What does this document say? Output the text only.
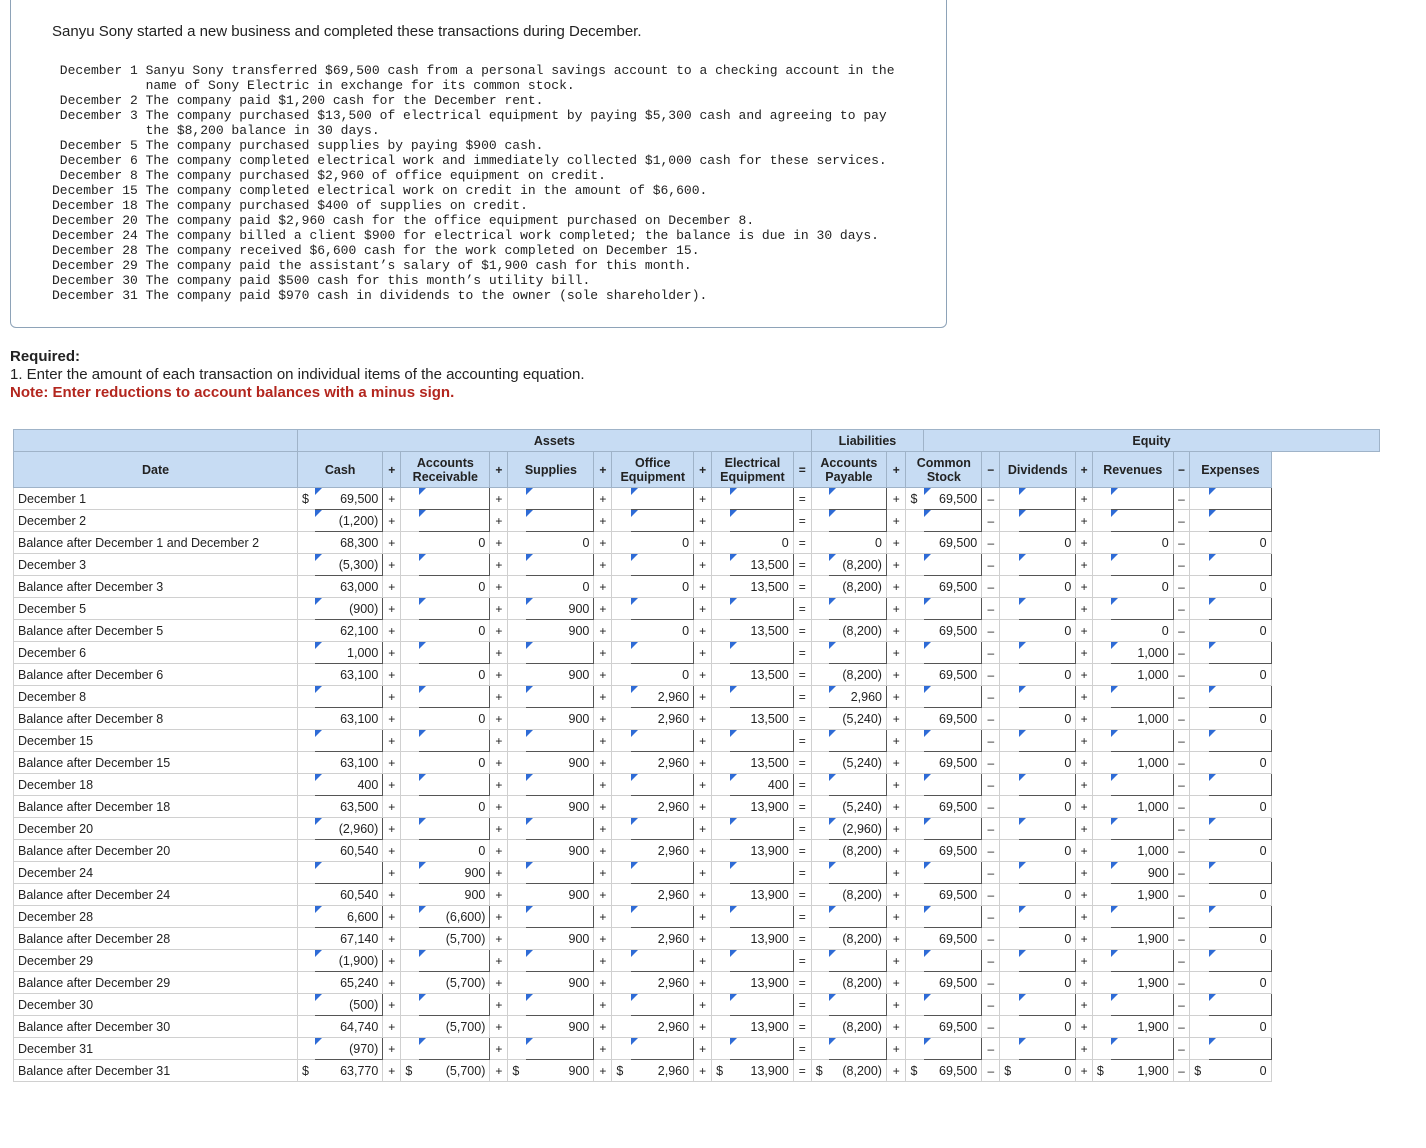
Sanyu Sony started a new business and completed these transactions during December.
December 1 Sanyu Sony transferred $69,500 cash from a personal savings account to a checking account in the
name of Sony Electric in exchange for its common stock.
December 2 The company paid $1,200 cash for the December rent.
December 3 The company purchased $13,500 of electrical equipment by paying $5,300 cash and agreeing to pay
the $8,200 balance in 30 days.
December 5 The company purchased supplies by paying $900 cash.
December 6 The company completed electrical work and immediately collected $1,000 cash for these services.
December 8 The company purchased $2,960 of office equipment on credit.
December 15 The company completed electrical work on credit in the amount of $6,600.
December 18 The company purchased $400 of supplies on credit.
December 20 The company paid $2,960 cash for the office equipment purchased on December 8.
December 24 The company billed a client $900 for electrical work completed; the balance is due in 30 days.
December 28 The company received $6,600 cash for the work completed on December 15.
December 29 The company paid the assistant’s salary of $1,900 cash for this month.
December 30 The company paid $500 cash for this month’s utility bill.
December 31 The company paid $970 cash in dividends to the owner (sole shareholder).
Required:
1. Enter the amount of each transaction on individual items of the accounting equation.
Note: Enter reductions to account balances with a minus sign.
	Assets															Liabilities				Equity									
Date	Cash		+	Accounts
Receivable		+	Supplies		+	Office
Equipment		+	Electrical
Equipment		=	Accounts
Payable		+	Common
Stock		−	Dividends		+	Revenues		−	Expenses	
December 1	$	69,500	+			+			+			+			=			+	$	69,500	–			+			–		
December 2		(1,200)	+			+			+			+			=			+			–			+			–		
Balance after December 1 and December 2		68,300	+		0	+		0	+		0	+		0	=		0	+		69,500	–		0	+		0	–		0
December 3		(5,300)	+			+			+			+		13,500	=		(8,200)	+			–			+			–		
Balance after December 3		63,000	+		0	+		0	+		0	+		13,500	=		(8,200)	+		69,500	–		0	+		0	–		0
December 5		(900)	+			+		900	+			+			=			+			–			+			–		
Balance after December 5		62,100	+		0	+		900	+		0	+		13,500	=		(8,200)	+		69,500	–		0	+		0	–		0
December 6		1,000	+			+			+			+			=			+			–			+		1,000	–		
Balance after December 6		63,100	+		0	+		900	+		0	+		13,500	=		(8,200)	+		69,500	–		0	+		1,000	–		0
December 8			+			+			+		2,960	+			=		2,960	+			–			+			–		
Balance after December 8		63,100	+		0	+		900	+		2,960	+		13,500	=		(5,240)	+		69,500	–		0	+		1,000	–		0
December 15			+			+			+			+			=			+			–			+			–		
Balance after December 15		63,100	+		0	+		900	+		2,960	+		13,500	=		(5,240)	+		69,500	–		0	+		1,000	–		0
December 18		400	+			+			+			+		400	=			+			–			+			–		
Balance after December 18		63,500	+		0	+		900	+		2,960	+		13,900	=		(5,240)	+		69,500	–		0	+		1,000	–		0
December 20		(2,960)	+			+			+			+			=		(2,960)	+			–			+			–		
Balance after December 20		60,540	+		0	+		900	+		2,960	+		13,900	=		(8,200)	+		69,500	–		0	+		1,000	–		0
December 24			+		900	+			+			+			=			+			–			+		900	–		
Balance after December 24		60,540	+		900	+		900	+		2,960	+		13,900	=		(8,200)	+		69,500	–		0	+		1,900	–		0
December 28		6,600	+		(6,600)	+			+			+			=			+			–			+			–		
Balance after December 28		67,140	+		(5,700)	+		900	+		2,960	+		13,900	=		(8,200)	+		69,500	–		0	+		1,900	–		0
December 29		(1,900)	+			+			+			+			=			+			–			+			–		
Balance after December 29		65,240	+		(5,700)	+		900	+		2,960	+		13,900	=		(8,200)	+		69,500	–		0	+		1,900	–		0
December 30		(500)	+			+			+			+			=			+			–			+			–		
Balance after December 30		64,740	+		(5,700)	+		900	+		2,960	+		13,900	=		(8,200)	+		69,500	–		0	+		1,900	–		0
December 31		(970)	+			+			+			+			=			+			–			+			–		
Balance after December 31	$	63,770	+	$	(5,700)	+	$	900	+	$	2,960	+	$	13,900	=	$	(8,200)	+	$	69,500	–	$	0	+	$	1,900	–	$	0
